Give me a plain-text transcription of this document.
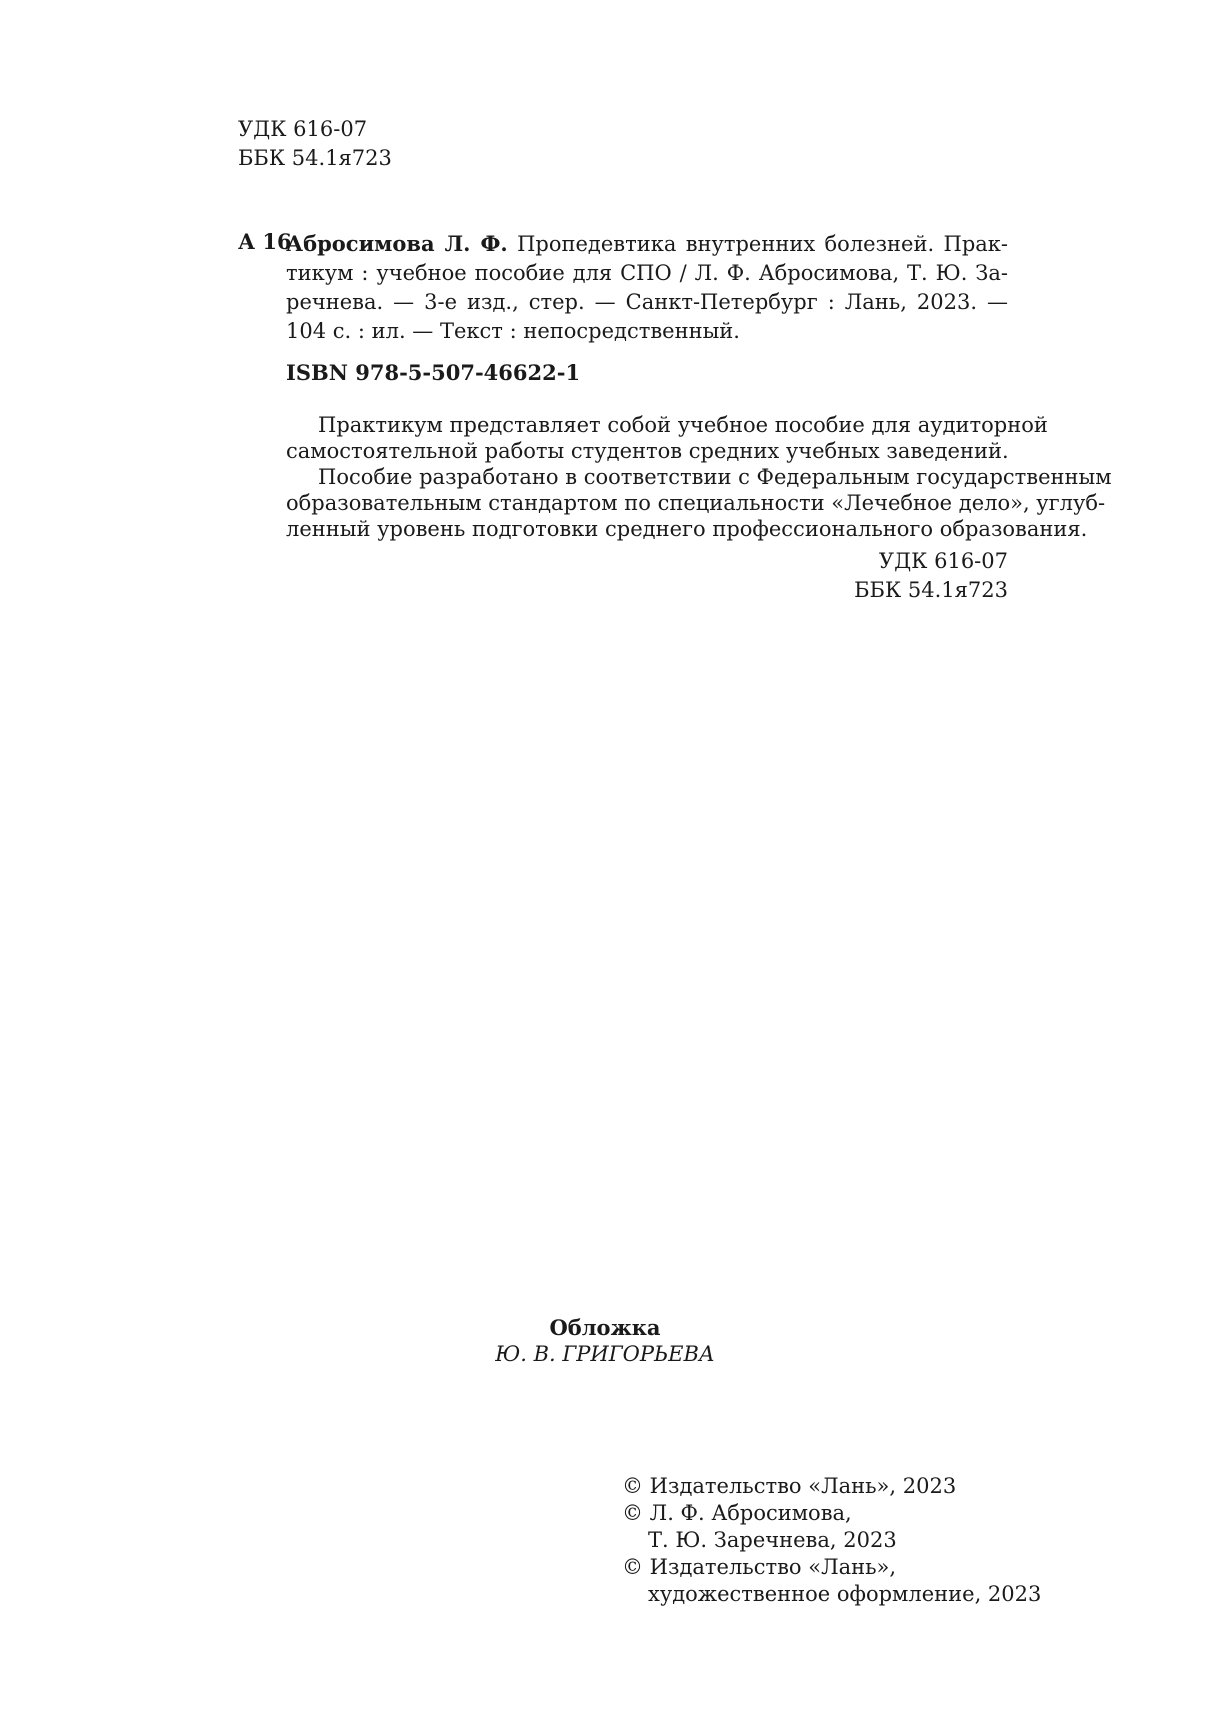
УДК 616-07
ББК 54.1я723
А 16
Абросимова Л. Ф. Пропедевтика внутренних болезней. Прак-
тикум : учебное пособие для СПО / Л. Ф. Абросимова, Т. Ю. За-
речнева. — 3-е изд., стер. — Санкт-Петербург : Лань, 2023. —
104 с. : ил. — Текст : непосредственный.
ISBN 978-5-507-46622-1
Практикум представляет собой учебное пособие для аудиторной
самостоятельной работы студентов средних учебных заведений.
Пособие разработано в соответствии с Федеральным государственным
образовательным стандартом по специальности «Лечебное дело», углуб-
ленный уровень подготовки среднего профессионального образования.
УДК 616-07
ББК 54.1я723
Обложка
Ю. В. ГРИГОРЬЕВА
© Издательство «Лань», 2023
© Л. Ф. Абросимова,
Т. Ю. Заречнева, 2023
© Издательство «Лань»,
художественное оформление, 2023
